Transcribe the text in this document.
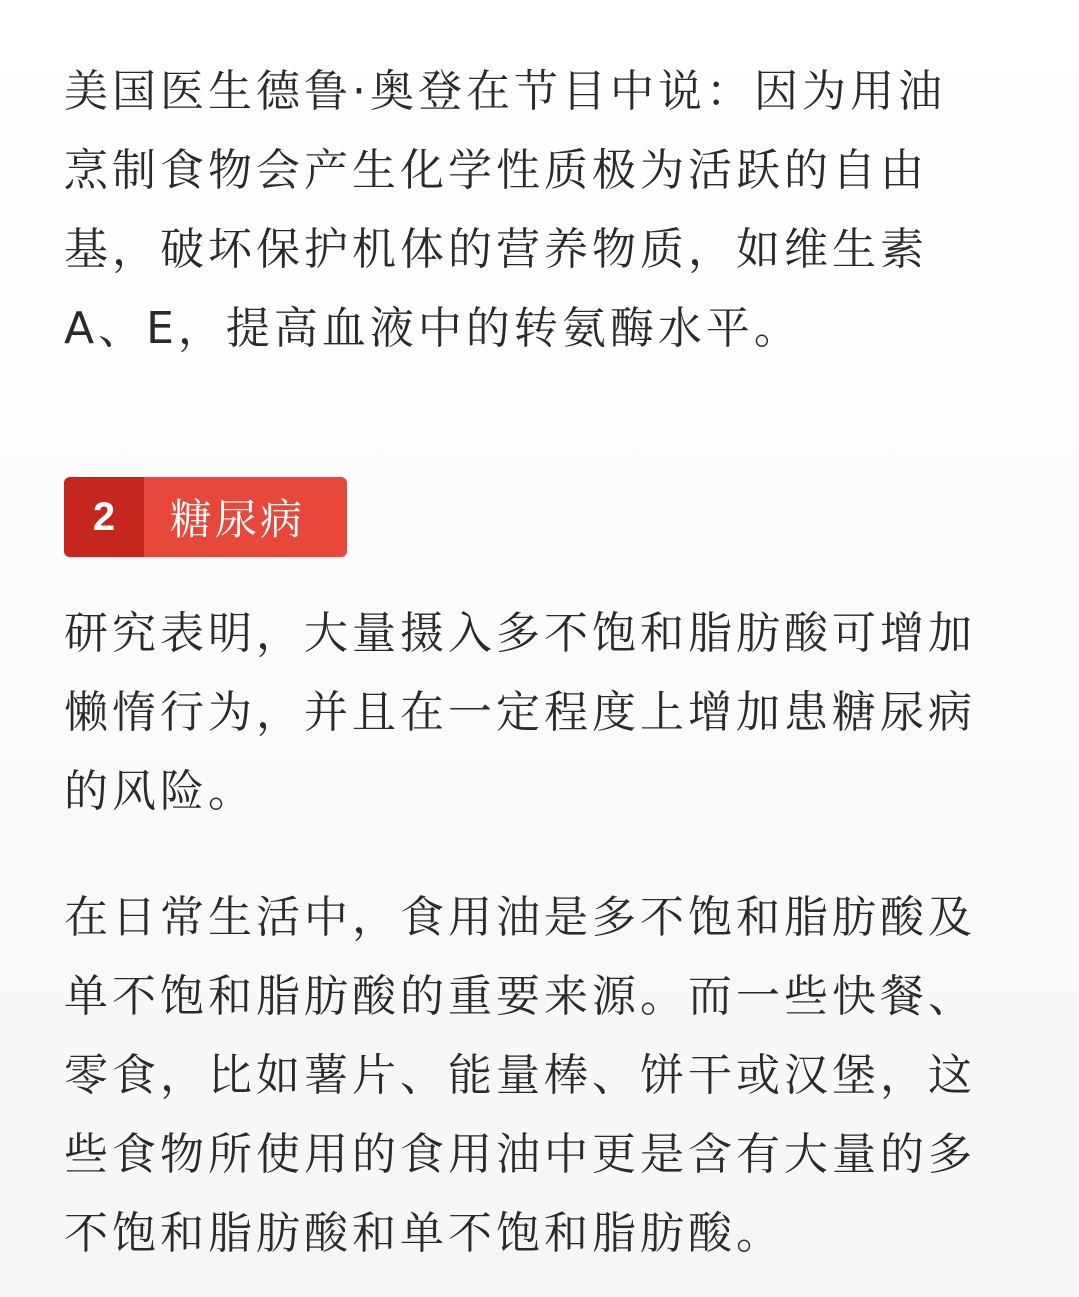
美国医生德鲁·奥登在节目中说：因为用油
烹制食物会产生化学性质极为活跃的自由
基，破坏保护机体的营养物质，如维生素
A、E，提高血液中的转氨酶水平。

2	糖尿病

研究表明，大量摄入多不饱和脂肪酸可增加
懒惰行为，并且在一定程度上增加患糖尿病
的风险。

在日常生活中，食用油是多不饱和脂肪酸及
单不饱和脂肪酸的重要来源。而一些快餐、
零食，比如薯片、能量棒、饼干或汉堡，这
些食物所使用的食用油中更是含有大量的多
不饱和脂肪酸和单不饱和脂肪酸。
